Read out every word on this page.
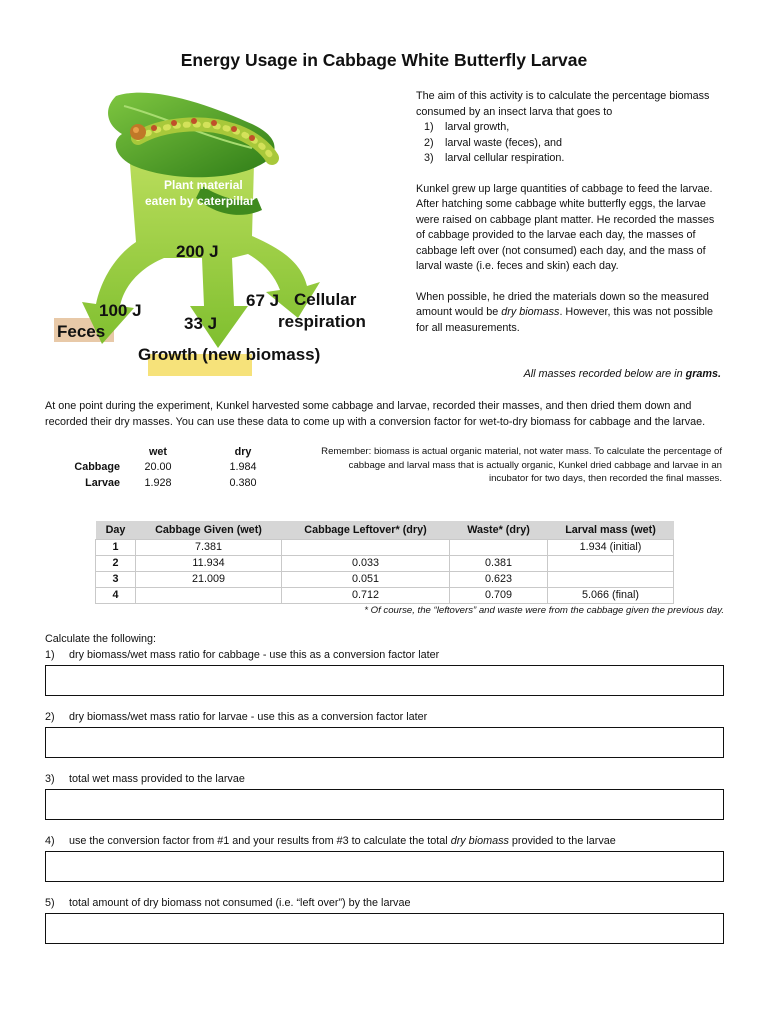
Energy Usage in Cabbage White Butterfly Larvae
Plant material
eaten by caterpillar
200 J
100 J
33 J
67 J
Feces
Growth (new biomass)
Cellular
respiration

The aim of this activity is to calculate the percentage biomass consumed by an insect larva that goes to

1) larval growth,
2) larval waste (feces), and
3) larval cellular respiration.

Kunkel grew up large quantities of cabbage to feed the larvae. After hatching some cabbage white butterfly eggs, the larvae were raised on cabbage plant matter. He recorded the masses of cabbage provided to the larvae each day, the masses of cabbage left over (not consumed) each day, and the mass of larval waste (i.e. feces and skin) each day.

When possible, he dried the materials down so the measured amount would be dry biomass. However, this was not possible for all measurements.

All masses recorded below are in grams.
At one point during the experiment, Kunkel harvested some cabbage and larvae, recorded their masses, and then dried them down and recorded their dry masses. You can use these data to come up with a conversion factor for wet-to-dry biomass for cabbage and the larvae.
	wet	dry
Cabbage	20.00	1.984
Larvae	1.928	0.380
Remember: biomass is actual organic material, not water mass. To calculate the percentage of cabbage and larval mass that is actually organic, Kunkel dried cabbage and larvae in an incubator for two days, then recorded the final masses.
Day	Cabbage Given (wet)	Cabbage Leftover* (dry)	Waste* (dry)	Larval mass (wet)
1	7.381			1.934 (initial)
2	11.934	0.033	0.381	
3	21.009	0.051	0.623	
4		0.712	0.709	5.066 (final)
* Of course, the “leftovers” and waste were from the cabbage given the previous day.
Calculate the following:
1) dry biomass/wet mass ratio for cabbage - use this as a conversion factor later
2) dry biomass/wet mass ratio for larvae - use this as a conversion factor later
3) total wet mass provided to the larvae
4) use the conversion factor from #1 and your results from #3 to calculate the total dry biomass provided to the larvae
5) total amount of dry biomass not consumed (i.e. “left over”) by the larvae
